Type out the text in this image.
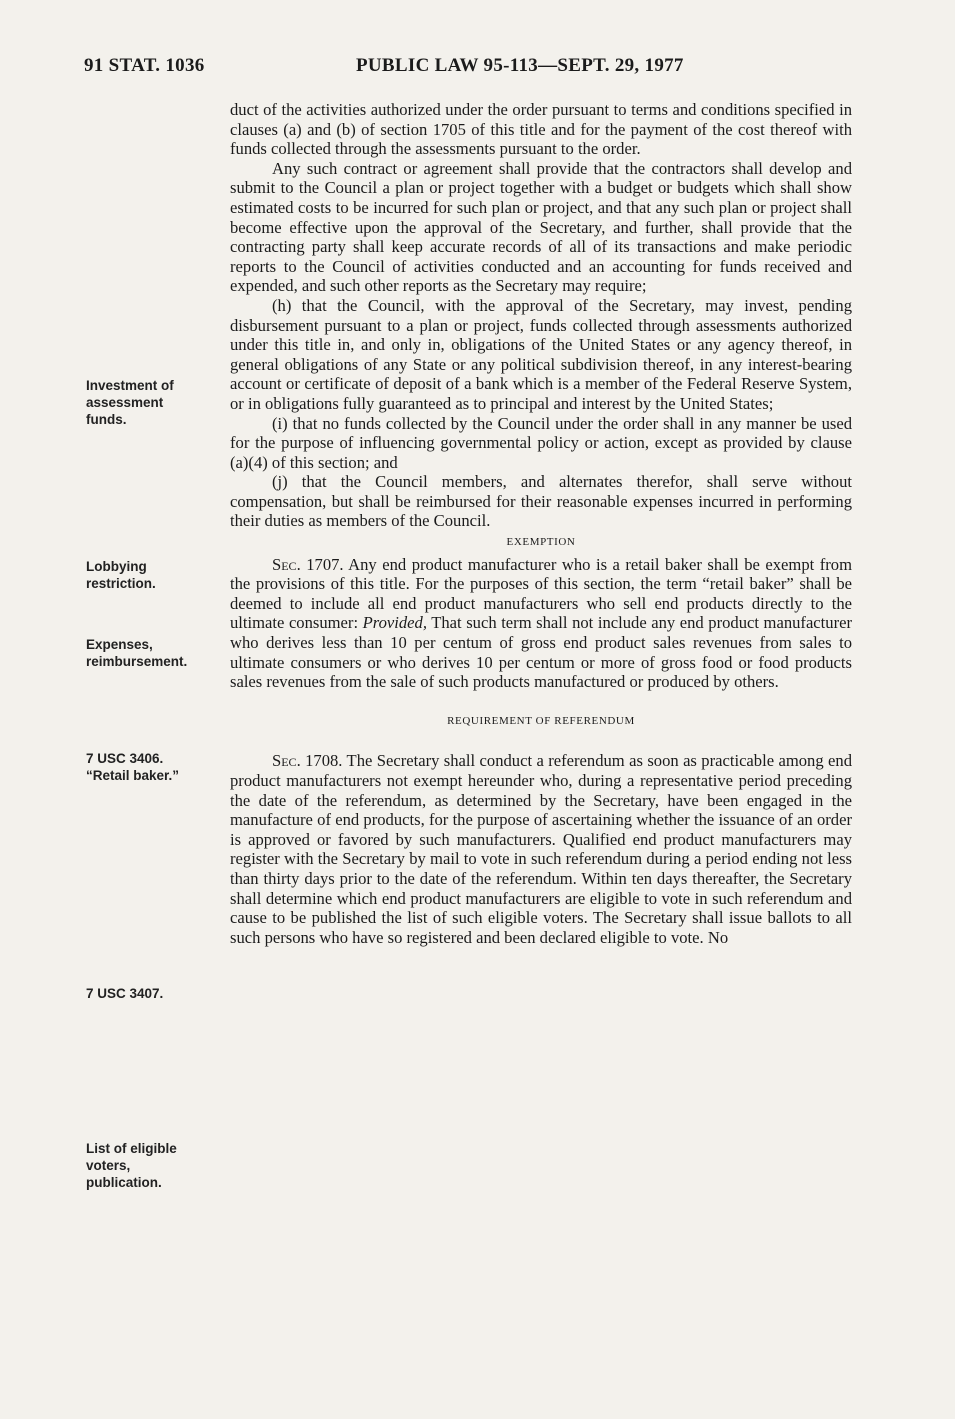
91 STAT. 1036	PUBLIC LAW 95-113—SEPT. 29, 1977

Investment of assessment funds.
Lobbying restriction.
Expenses, reimbursement.
7 USC 3406.
“Retail baker.”
7 USC 3407.
List of eligible voters, publication.

duct of the activities authorized under the order pursuant to terms and conditions specified in clauses (a) and (b) of section 1705 of this title and for the payment of the cost thereof with funds collected through the assessments pursuant to the order.

Any such contract or agreement shall provide that the contractors shall develop and submit to the Council a plan or project together with a budget or budgets which shall show estimated costs to be incurred for such plan or project, and that any such plan or project shall become effective upon the approval of the Secretary, and further, shall provide that the contracting party shall keep accurate records of all of its transactions and make periodic reports to the Council of activities conducted and an accounting for funds received and expended, and such other reports as the Secretary may require;

(h) that the Council, with the approval of the Secretary, may invest, pending disbursement pursuant to a plan or project, funds collected through assessments authorized under this title in, and only in, obligations of the United States or any agency thereof, in general obligations of any State or any political subdivision thereof, in any interest-bearing account or certificate of deposit of a bank which is a member of the Federal Reserve System, or in obligations fully guaranteed as to principal and interest by the United States;

(i) that no funds collected by the Council under the order shall in any manner be used for the purpose of influencing governmental policy or action, except as provided by clause (a)(4) of this section; and

(j) that the Council members, and alternates therefor, shall serve without compensation, but shall be reimbursed for their reasonable expenses incurred in performing their duties as members of the Council.

EXEMPTION

Sec. 1707. Any end product manufacturer who is a retail baker shall be exempt from the provisions of this title. For the purposes of this section, the term “retail baker” shall be deemed to include all end product manufacturers who sell end products directly to the ultimate consumer: Provided, That such term shall not include any end product manufacturer who derives less than 10 per centum of gross end product sales revenues from sales to ultimate consumers or who derives 10 per centum or more of gross food or food products sales revenues from the sale of such products manufactured or produced by others.

REQUIREMENT OF REFERENDUM

Sec. 1708. The Secretary shall conduct a referendum as soon as practicable among end product manufacturers not exempt hereunder who, during a representative period preceding the date of the referendum, as determined by the Secretary, have been engaged in the manufacture of end products, for the purpose of ascertaining whether the issuance of an order is approved or favored by such manufacturers. Qualified end product manufacturers may register with the Secretary by mail to vote in such referendum during a period ending not less than thirty days prior to the date of the referendum. Within ten days thereafter, the Secretary shall determine which end product manufacturers are eligible to vote in such referendum and cause to be published the list of such eligible voters. The Secretary shall issue ballots to all such persons who have so registered and been declared eligible to vote. No
